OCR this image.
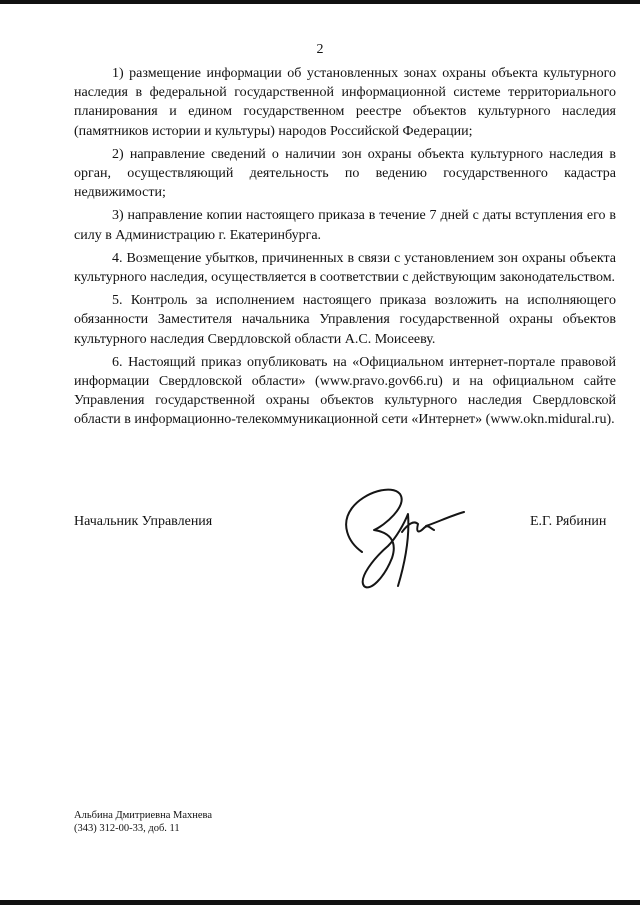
2

1) размещение информации об установленных зонах охраны объекта культурного наследия в федеральной государственной информационной системе территориального планирования и едином государственном реестре объектов культурного наследия (памятников истории и культуры) народов Российской Федерации;

2) направление сведений о наличии зон охраны объекта культурного наследия в орган, осуществляющий деятельность по ведению государственного кадастра недвижимости;

3) направление копии настоящего приказа в течение 7 дней с даты вступления его в силу в Администрацию г. Екатеринбурга.

4. Возмещение убытков, причиненных в связи с установлением зон охраны объекта культурного наследия, осуществляется в соответствии с действующим законодательством.

5. Контроль за исполнением настоящего приказа возложить на исполняющего обязанности Заместителя начальника Управления государственной охраны объектов культурного наследия Свердловской области А.С. Моисееву.

6. Настоящий приказ опубликовать на «Официальном интернет-портале правовой информации Свердловской области» (www.pravo.gov66.ru) и на официальном сайте Управления государственной охраны объектов культурного наследия Свердловской области в информационно-телекоммуникационной сети «Интернет» (www.okn.midural.ru).

Начальник Управления	Е.Г. Рябинин
Альбина Дмитриевна Махнева
(343) 312-00-33, доб. 11
